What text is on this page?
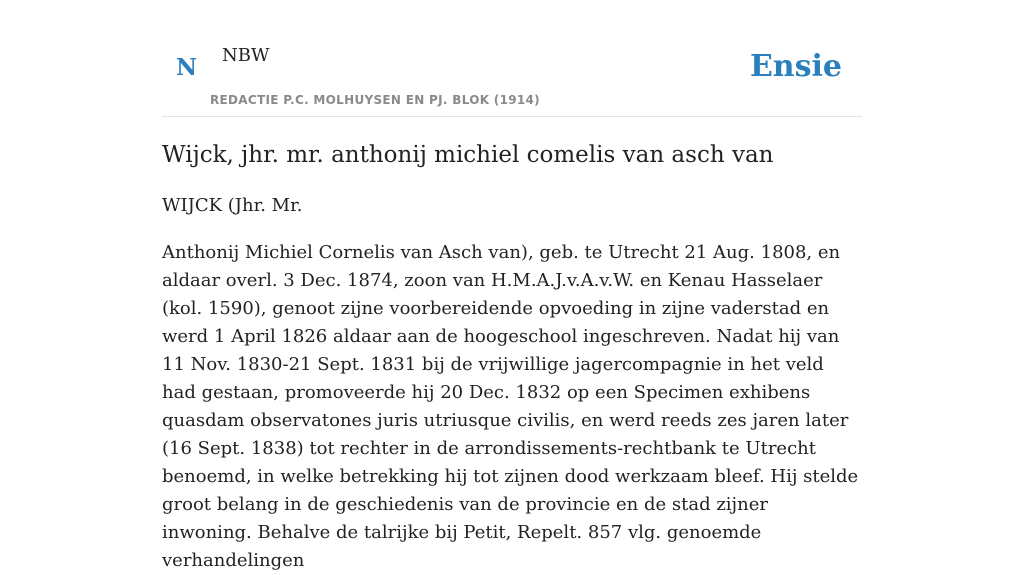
N NBW
REDACTIE P.C. MOLHUYSEN EN PJ. BLOK (1914)
Ensie
Wijck, jhr. mr. anthonij michiel comelis van asch van

WIJCK (Jhr. Mr.

Anthonij Michiel Cornelis van Asch van), geb. te Utrecht 21 Aug. 1808, en aldaar overl. 3 Dec. 1874, zoon van H.M.A.J.v.A.v.W. en Kenau Hasselaer (kol. 1590), genoot zijne voorbereidende opvoeding in zijne vaderstad en werd 1 April 1826 aldaar aan de hoogeschool ingeschreven. Nadat hij van 11 Nov. 1830-21 Sept. 1831 bij de vrijwillige jagercompagnie in het veld had gestaan, promoveerde hij 20 Dec. 1832 op een Specimen exhibens quasdam observatones juris utriusque civilis, en werd reeds zes jaren later (16 Sept. 1838) tot rechter in de arrondissements-rechtbank te Utrecht benoemd, in welke betrekking hij tot zijnen dood werkzaam bleef. Hij stelde groot belang in de geschiedenis van de provincie en de stad zijner inwoning. Behalve de talrijke bij Petit, Repelt. 857 vlg. genoemde verhandelingen
